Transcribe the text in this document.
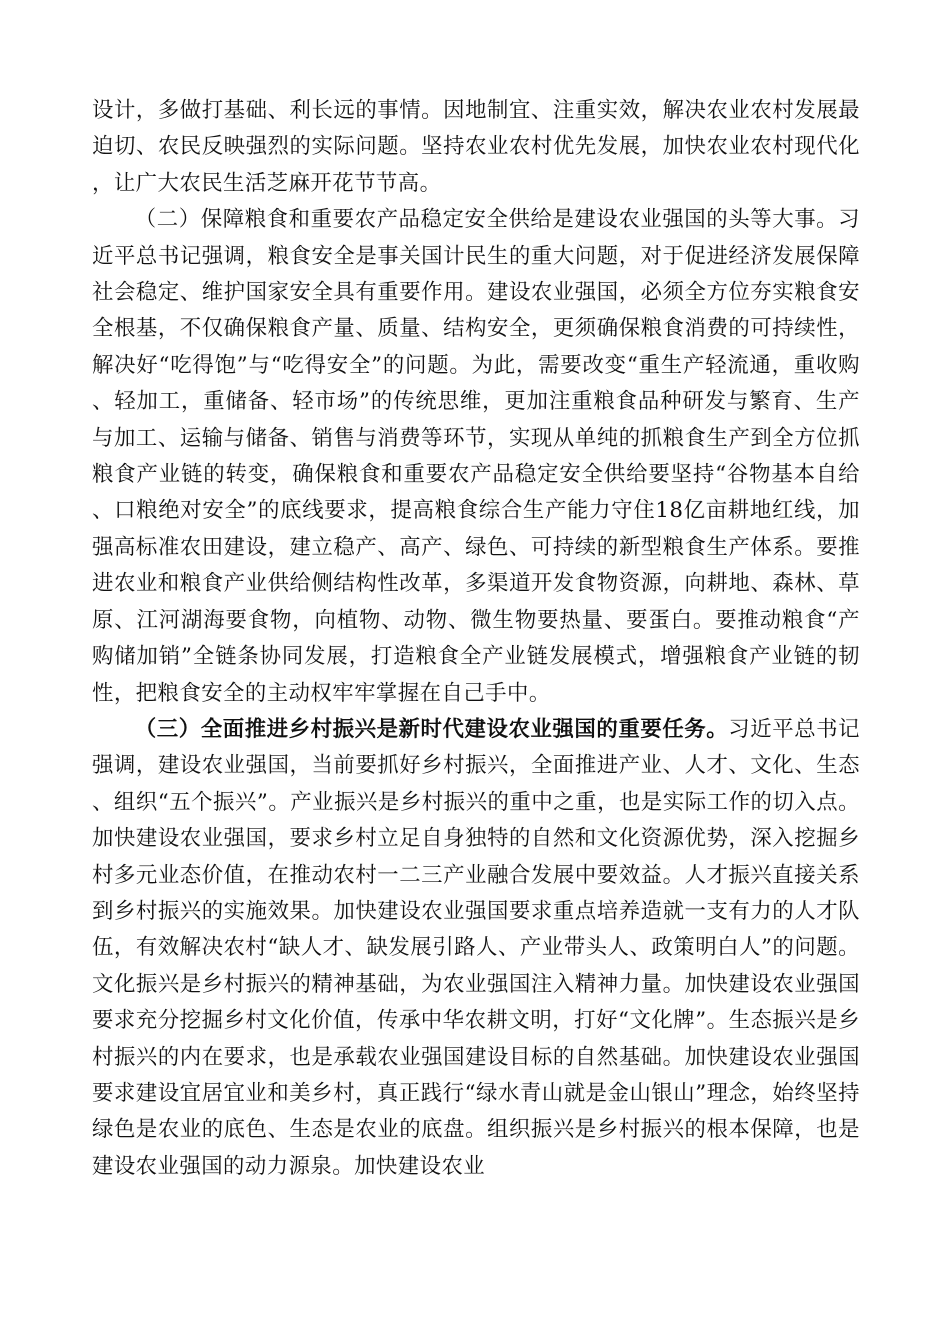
设计，多做打基础、利长远的事情。因地制宜、注重实效，解决农业农村发展最迫切、农民反映强烈的实际问题。坚持农业农村优先发展，加快农业农村现代化，让广大农民生活芝麻开花节节高。

（二）保障粮食和重要农产品稳定安全供给是建设农业强国的头等大事。习近平总书记强调，粮食安全是事关国计民生的重大问题，对于促进经济发展保障社会稳定、维护国家安全具有重要作用。建设农业强国，必须全方位夯实粮食安全根基，不仅确保粮食产量、质量、结构安全，更须确保粮食消费的可持续性，解决好“吃得饱”与“吃得安全”的问题。为此，需要改变“重生产轻流通，重收购、轻加工，重储备、轻市场”的传统思维，更加注重粮食品种研发与繁育、生产与加工、运输与储备、销售与消费等环节，实现从单纯的抓粮食生产到全方位抓粮食产业链的转变，确保粮食和重要农产品稳定安全供给要坚持“谷物基本自给、口粮绝对安全”的底线要求，提高粮食综合生产能力守住18亿亩耕地红线，加强高标准农田建设，建立稳产、高产、绿色、可持续的新型粮食生产体系。要推进农业和粮食产业供给侧结构性改革，多渠道开发食物资源，向耕地、森林、草原、江河湖海要食物，向植物、动物、微生物要热量、要蛋白。要推动粮食“产购储加销”全链条协同发展，打造粮食全产业链发展模式，增强粮食产业链的韧性，把粮食安全的主动权牢牢掌握在自己手中。

（三）全面推进乡村振兴是新时代建设农业强国的重要任务。习近平总书记强调，建设农业强国，当前要抓好乡村振兴，全面推进产业、人才、文化、生态、组织“五个振兴”。产业振兴是乡村振兴的重中之重，也是实际工作的切入点。加快建设农业强国，要求乡村立足自身独特的自然和文化资源优势，深入挖掘乡村多元业态价值，在推动农村一二三产业融合发展中要效益。人才振兴直接关系到乡村振兴的实施效果。加快建设农业强国要求重点培养造就一支有力的人才队伍，有效解决农村“缺人才、缺发展引路人、产业带头人、政策明白人”的问题。文化振兴是乡村振兴的精神基础，为农业强国注入精神力量。加快建设农业强国要求充分挖掘乡村文化价值，传承中华农耕文明，打好“文化牌”。生态振兴是乡村振兴的内在要求，也是承载农业强国建设目标的自然基础。加快建设农业强国要求建设宜居宜业和美乡村，真正践行“绿水青山就是金山银山”理念，始终坚持绿色是农业的底色、生态是农业的底盘。组织振兴是乡村振兴的根本保障，也是建设农业强国的动力源泉。加快建设农业
